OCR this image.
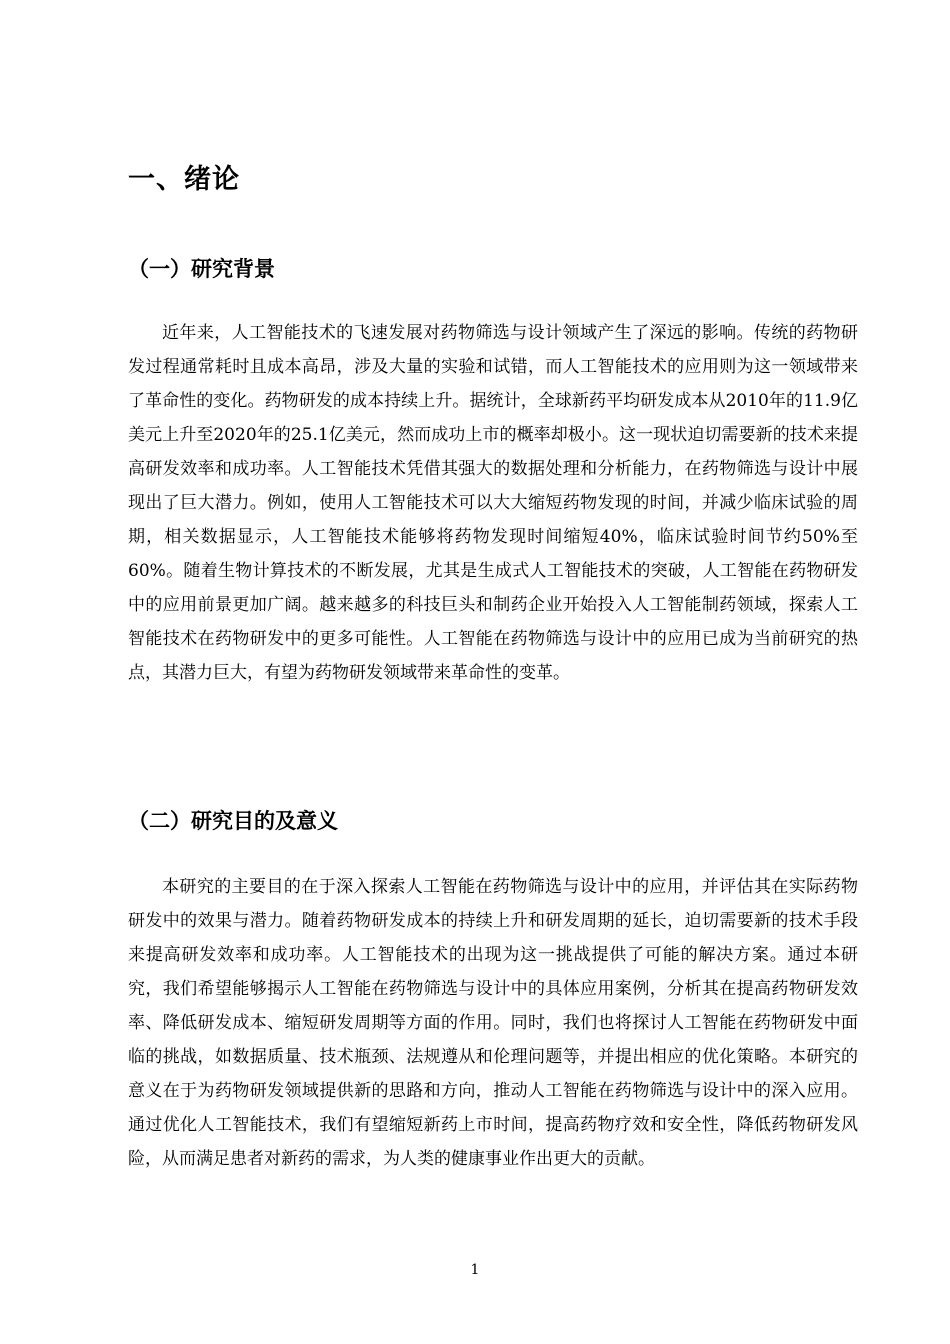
一、绪论
（一）研究背景

近年来，人工智能技术的飞速发展对药物筛选与设计领域产生了深远的影响。传统的药物研发过程通常耗时且成本高昂，涉及大量的实验和试错，而人工智能技术的应用则为这一领域带来了革命性的变化。药物研发的成本持续上升。据统计，全球新药平均研发成本从2010年的11.9亿美元上升至2020年的25.1亿美元，然而成功上市的概率却极小。这一现状迫切需要新的技术来提高研发效率和成功率。人工智能技术凭借其强大的数据处理和分析能力，在药物筛选与设计中展现出了巨大潜力。例如，使用人工智能技术可以大大缩短药物发现的时间，并减少临床试验的周期，相关数据显示，人工智能技术能够将药物发现时间缩短40%，临床试验时间节约50%至60%。随着生物计算技术的不断发展，尤其是生成式人工智能技术的突破，人工智能在药物研发中的应用前景更加广阔。越来越多的科技巨头和制药企业开始投入人工智能制药领域，探索人工智能技术在药物研发中的更多可能性。人工智能在药物筛选与设计中的应用已成为当前研究的热点，其潜力巨大，有望为药物研发领域带来革命性的变革。

（二）研究目的及意义

本研究的主要目的在于深入探索人工智能在药物筛选与设计中的应用，并评估其在实际药物研发中的效果与潜力。随着药物研发成本的持续上升和研发周期的延长，迫切需要新的技术手段来提高研发效率和成功率。人工智能技术的出现为这一挑战提供了可能的解决方案。通过本研究，我们希望能够揭示人工智能在药物筛选与设计中的具体应用案例，分析其在提高药物研发效率、降低研发成本、缩短研发周期等方面的作用。同时，我们也将探讨人工智能在药物研发中面临的挑战，如数据质量、技术瓶颈、法规遵从和伦理问题等，并提出相应的优化策略。本研究的意义在于为药物研发领域提供新的思路和方向，推动人工智能在药物筛选与设计中的深入应用。通过优化人工智能技术，我们有望缩短新药上市时间，提高药物疗效和安全性，降低药物研发风险，从而满足患者对新药的需求，为人类的健康事业作出更大的贡献。

1
